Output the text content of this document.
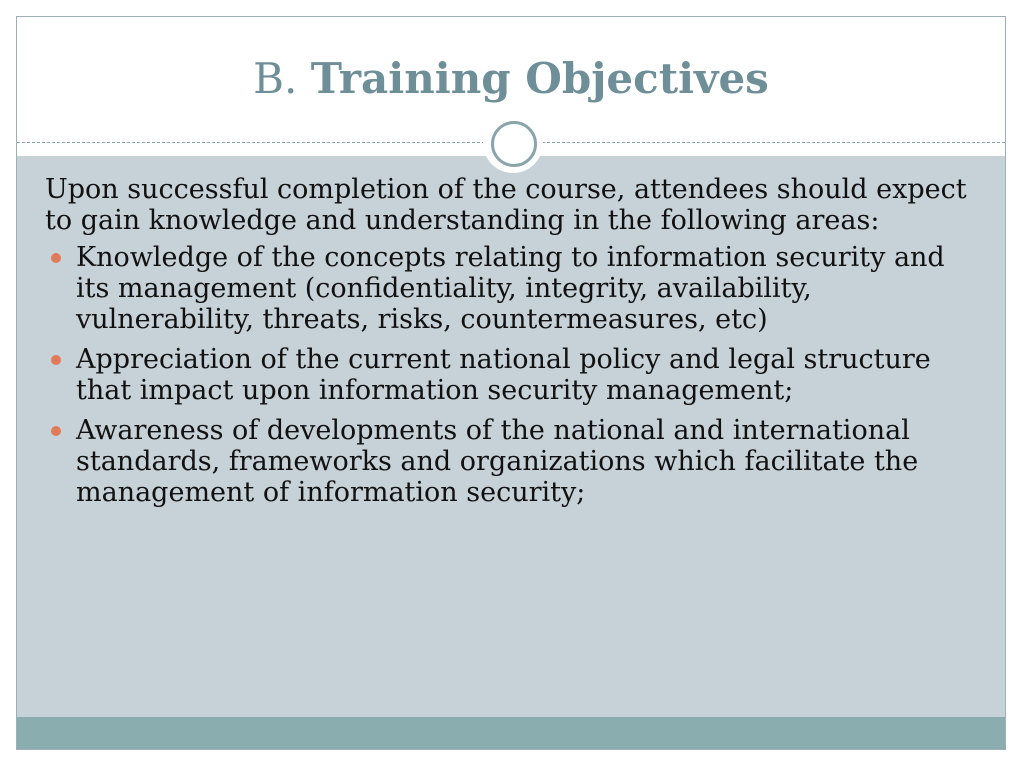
B. Training Objectives

Upon successful completion of the course, attendees should expect to gain knowledge and understanding in the following areas:

Knowledge of the concepts relating to information security and its management (confidentiality, integrity, availability, vulnerability, threats, risks, countermeasures, etc)
Appreciation of the current national policy and legal structure that impact upon information security management;
Awareness of developments of the national and international standards, frameworks and organizations which facilitate the management of information security;
